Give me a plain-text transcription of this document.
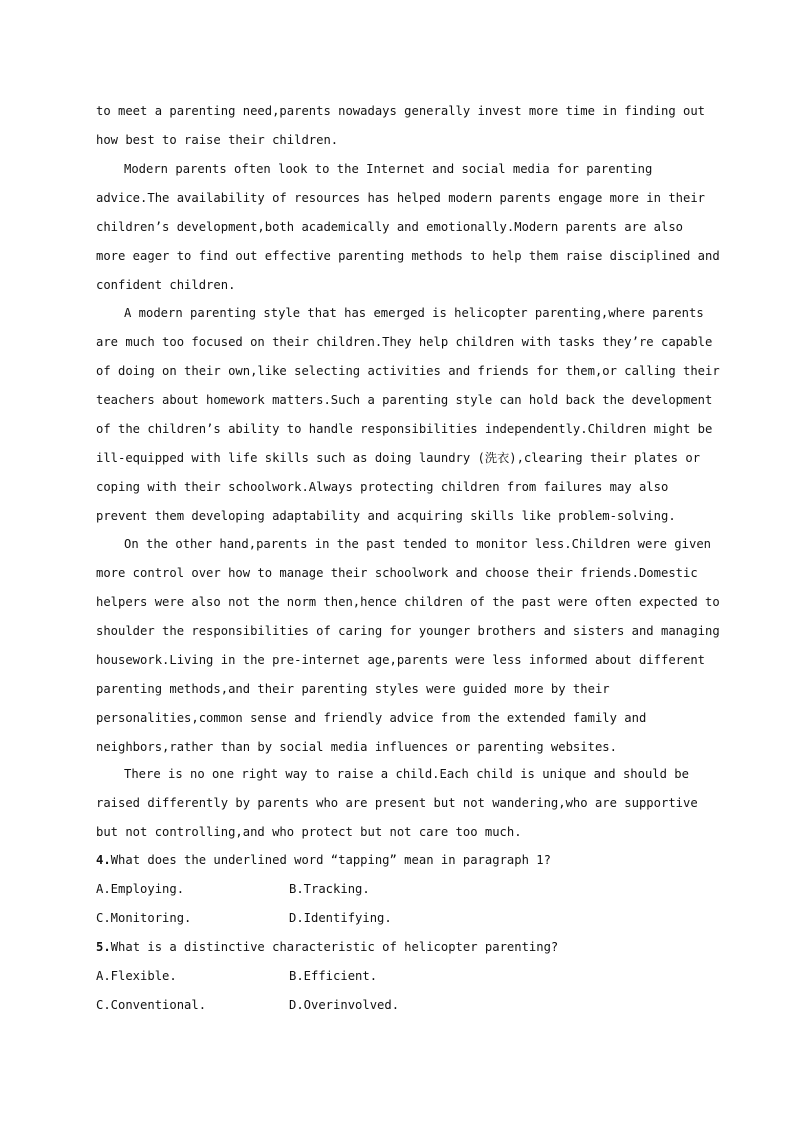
to meet a parenting need,parents nowadays generally invest more time in finding out
how best to raise their children.
Modern parents often look to the Internet and social media for parenting
advice.The availability of resources has helped modern parents engage more in their
children’s development,both academically and emotionally.Modern parents are also
more eager to find out effective parenting methods to help them raise disciplined and
confident children.
A modern parenting style that has emerged is helicopter parenting,where parents
are much too focused on their children.They help children with tasks they’re capable
of doing on their own,like selecting activities and friends for them,or calling their
teachers about homework matters.Such a parenting style can hold back the development
of the children’s ability to handle responsibilities independently.Children might be
ill-equipped with life skills such as doing laundry (洗衣),clearing their plates or
coping with their schoolwork.Always protecting children from failures may also
prevent them developing adaptability and acquiring skills like problem-solving.
On the other hand,parents in the past tended to monitor less.Children were given
more control over how to manage their schoolwork and choose their friends.Domestic
helpers were also not the norm then,hence children of the past were often expected to
shoulder the responsibilities of caring for younger brothers and sisters and managing
housework.Living in the pre-internet age,parents were less informed about different
parenting methods,and their parenting styles were guided more by their
personalities,common sense and friendly advice from the extended family and
neighbors,rather than by social media influences or parenting websites.
There is no one right way to raise a child.Each child is unique and should be
raised differently by parents who are present but not wandering,who are supportive
but not controlling,and who protect but not care too much.
4.What does the underlined word “tapping” mean in paragraph 1?
A.Employing.	B.Tracking.
C.Monitoring.	D.Identifying.
5.What is a distinctive characteristic of helicopter parenting?
A.Flexible.	B.Efficient.
C.Conventional.	D.Overinvolved.
